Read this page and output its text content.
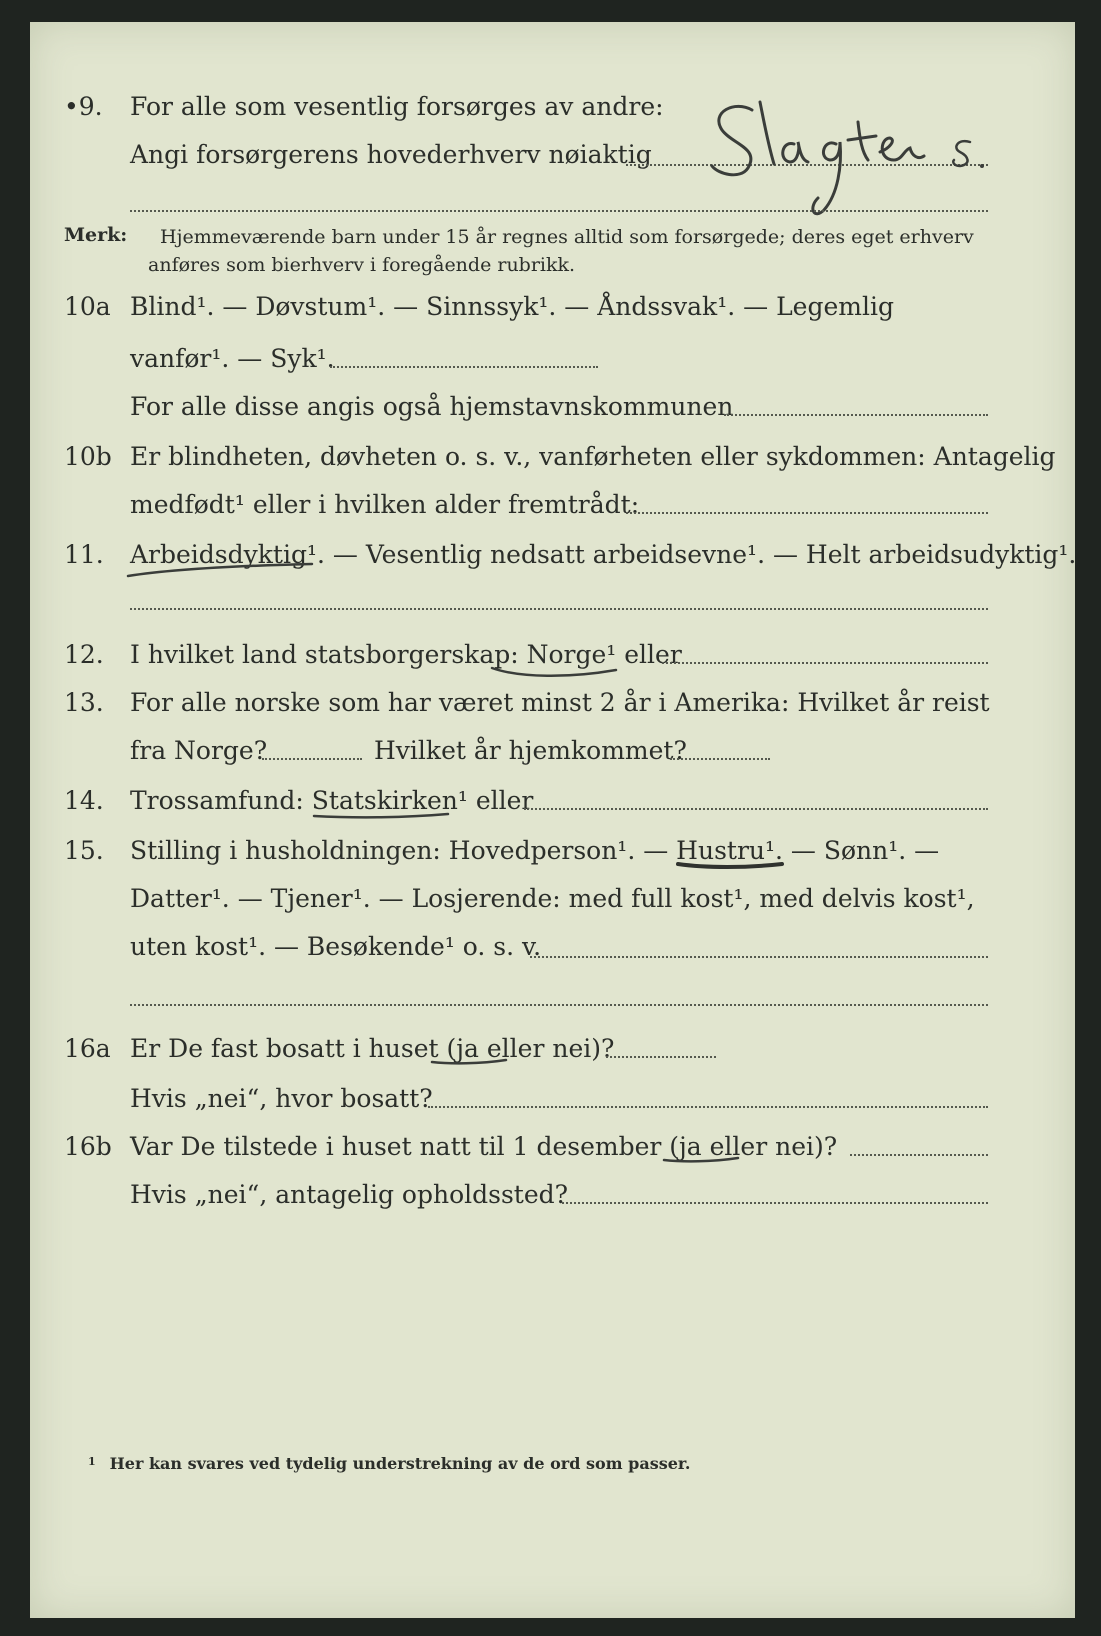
•9. For alle som vesentlig forsørges av andre:
Angi forsørgerens hovederhverv nøiaktig
Merk: Hjemmeværende barn under 15 år regnes alltid som forsørgede; deres eget erhverv
anføres som bierhverv i foregående rubrikk.
10a Blind¹. — Døvstum¹. — Sinnssyk¹. — Åndssvak¹. — Legemlig
vanfør¹. — Syk¹.
For alle disse angis også hjemstavnskommunen
10b Er blindheten, døvheten o. s. v., vanførheten eller sykdommen: Antagelig
medfødt¹ eller i hvilken alder fremtrådt:
11. Arbeidsdyktig¹. — Vesentlig nedsatt arbeidsevne¹. — Helt arbeidsudyktig¹.
12. I hvilket land statsborgerskap: Norge¹ eller
13. For alle norske som har været minst 2 år i Amerika: Hvilket år reist
fra Norge?	Hvilket år hjemkommet?
14. Trossamfund: Statskirken¹ eller
15. Stilling i husholdningen: Hovedperson¹. — Hustru¹. — Sønn¹. —
Datter¹. — Tjener¹. — Losjerende: med full kost¹, med delvis kost¹,
uten kost¹. — Besøkende¹ o. s. v.
16a Er De fast bosatt i huset (ja eller nei)?
Hvis „nei“, hvor bosatt?
16b Var De tilstede i huset natt til 1 desember (ja eller nei)?
Hvis „nei“, antagelig opholdssted?
$^1$ Her kan svares ved tydelig understrekning av de ord som passer.
